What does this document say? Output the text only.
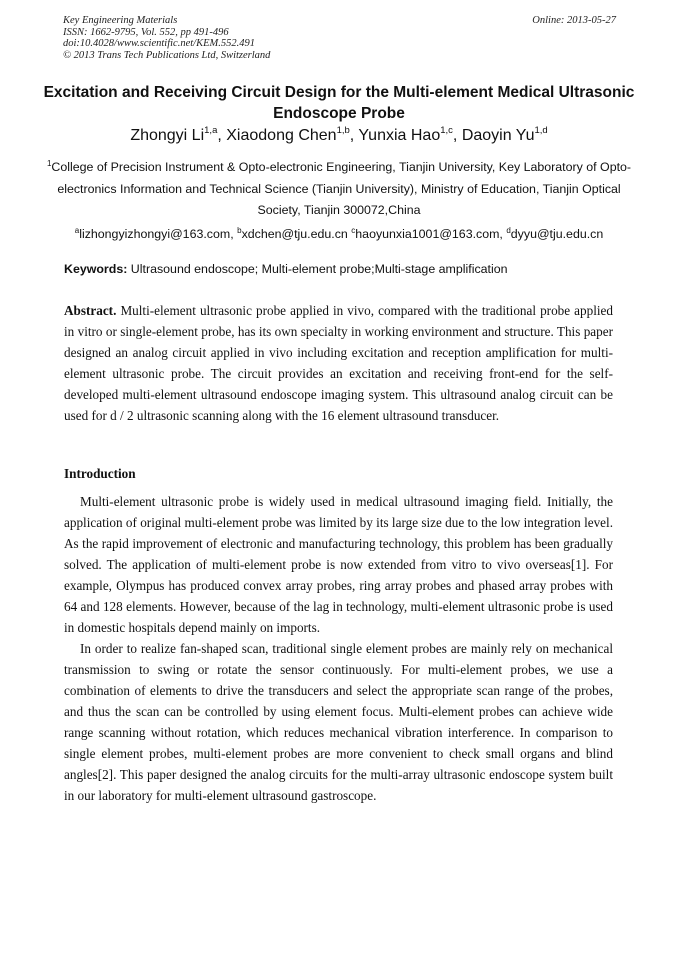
Key Engineering Materials
ISSN: 1662-9795, Vol. 552, pp 491-496
doi:10.4028/www.scientific.net/KEM.552.491
© 2013 Trans Tech Publications Ltd, Switzerland
Online: 2013-05-27
Excitation and Receiving Circuit Design for the Multi-element Medical Ultrasonic Endoscope Probe
Zhongyi Li$^{1,a}$, Xiaodong Chen$^{1,b}$, Yunxia Hao$^{1,c}$, Daoyin Yu$^{1,d}$
$^1$College of Precision Instrument & Opto-electronic Engineering, Tianjin University, Key Laboratory of Opto-electronics Information and Technical Science (Tianjin University), Ministry of Education, Tianjin Optical Society, Tianjin 300072,China
$^a$lizhongyizhongyi@163.com, $^b$xdchen@tju.edu.cn $^c$haoyunxia1001@163.com, $^d$dyyu@tju.edu.cn
Keywords: Ultrasound endoscope; Multi-element probe;Multi-stage amplification
Abstract. Multi-element ultrasonic probe applied in vivo, compared with the traditional probe applied in vitro or single-element probe, has its own specialty in working environment and structure. This paper designed an analog circuit applied in vivo including excitation and reception amplification for multi-element ultrasonic probe. The circuit provides an excitation and receiving front-end for the self-developed multi-element ultrasound endoscope imaging system. This ultrasound analog circuit can be used for d / 2 ultrasonic scanning along with the 16 element ultrasound transducer.
Introduction

Multi-element ultrasonic probe is widely used in medical ultrasound imaging field. Initially, the application of original multi-element probe was limited by its large size due to the low integration level. As the rapid improvement of electronic and manufacturing technology, this problem has been gradually solved. The application of multi-element probe is now extended from vitro to vivo overseas[1]. For example, Olympus has produced convex array probes, ring array probes and phased array probes with 64 and 128 elements. However, because of the lag in technology, multi-element ultrasonic probe is used in domestic hospitals depend mainly on imports.

In order to realize fan-shaped scan, traditional single element probes are mainly rely on mechanical transmission to swing or rotate the sensor continuously. For multi-element probes, we use a combination of elements to drive the transducers and select the appropriate scan range of the probes, and thus the scan can be controlled by using element focus. Multi-element probes can achieve wide range scanning without rotation, which reduces mechanical vibration interference. In comparison to single element probes, multi-element probes are more convenient to check small organs and blind angles[2]. This paper designed the analog circuits for the multi-array ultrasonic endoscope system built in our laboratory for multi-element ultrasound gastroscope.
